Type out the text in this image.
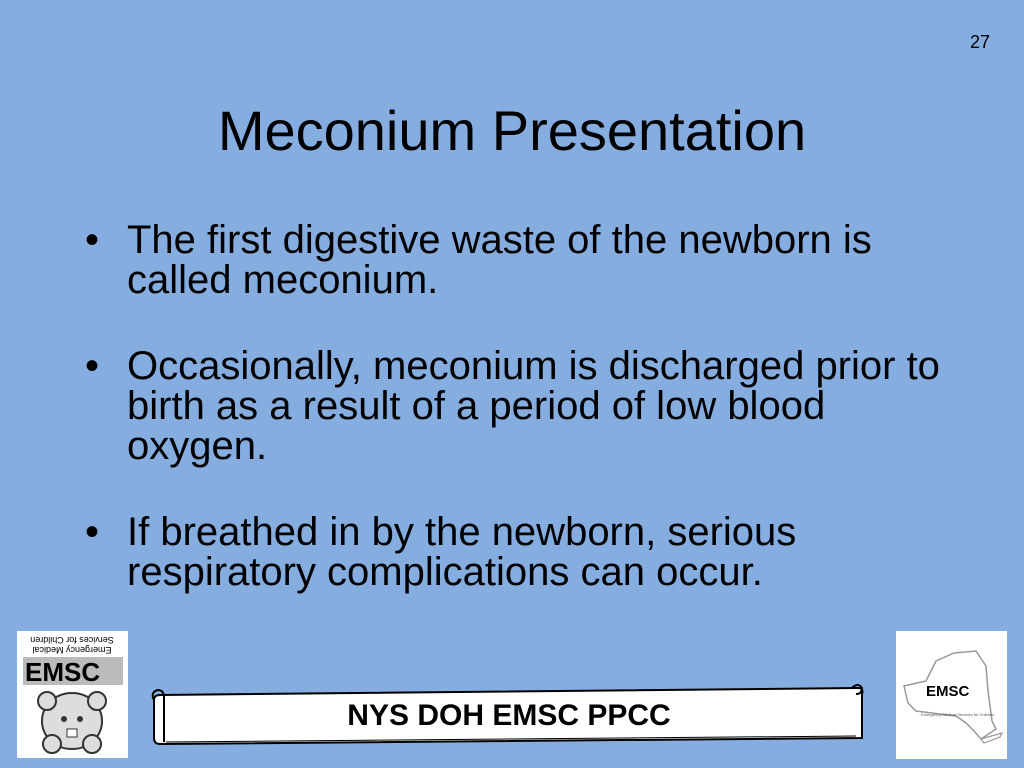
27
Meconium Presentation
• The first digestive waste of the newborn is called meconium.
• Occasionally, meconium is discharged prior to birth as a result of a period of low blood oxygen.
• If breathed in by the newborn, serious respiratory complications can occur.
Services for Children
Emergency Medical
EMSC
NYS DOH EMSC PPCC	Emergency Medical Services for Children
EMSC
